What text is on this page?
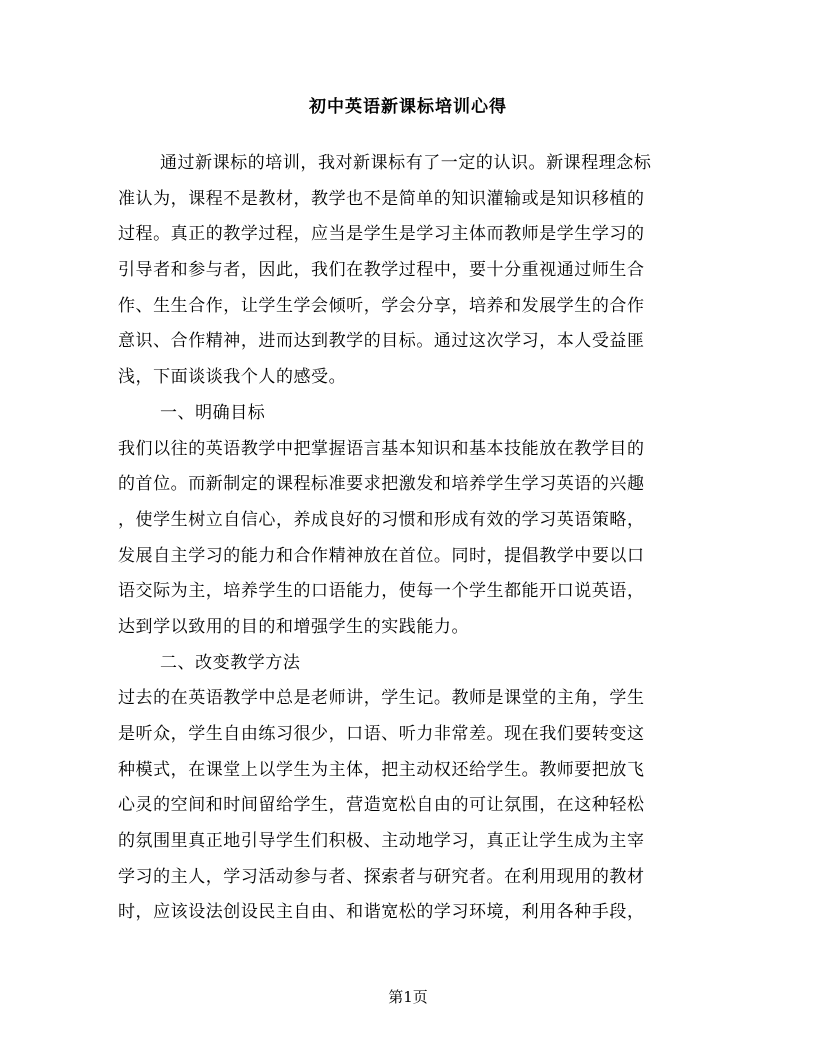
初中英语新课标培训心得
通过新课标的培训，我对新课标有了一定的认识。新课程理念标
准认为，课程不是教材，教学也不是简单的知识灌输或是知识移植的
过程。真正的教学过程，应当是学生是学习主体而教师是学生学习的
引导者和参与者，因此，我们在教学过程中，要十分重视通过师生合
作、生生合作，让学生学会倾听，学会分享，培养和发展学生的合作
意识、合作精神，进而达到教学的目标。通过这次学习，本人受益匪
浅，下面谈谈我个人的感受。
一、明确目标
我们以往的英语教学中把掌握语言基本知识和基本技能放在教学目的
的首位。而新制定的课程标准要求把激发和培养学生学习英语的兴趣
，使学生树立自信心，养成良好的习惯和形成有效的学习英语策略，
发展自主学习的能力和合作精神放在首位。同时，提倡教学中要以口
语交际为主，培养学生的口语能力，使每一个学生都能开口说英语，
达到学以致用的目的和增强学生的实践能力。
二、改变教学方法
过去的在英语教学中总是老师讲，学生记。教师是课堂的主角，学生
是听众，学生自由练习很少，口语、听力非常差。现在我们要转变这
种模式，在课堂上以学生为主体，把主动权还给学生。教师要把放飞
心灵的空间和时间留给学生，营造宽松自由的可让氛围，在这种轻松
的氛围里真正地引导学生们积极、主动地学习，真正让学生成为主宰
学习的主人，学习活动参与者、探索者与研究者。在利用现用的教材
时，应该设法创设民主自由、和谐宽松的学习环境，利用各种手段，
第1页
